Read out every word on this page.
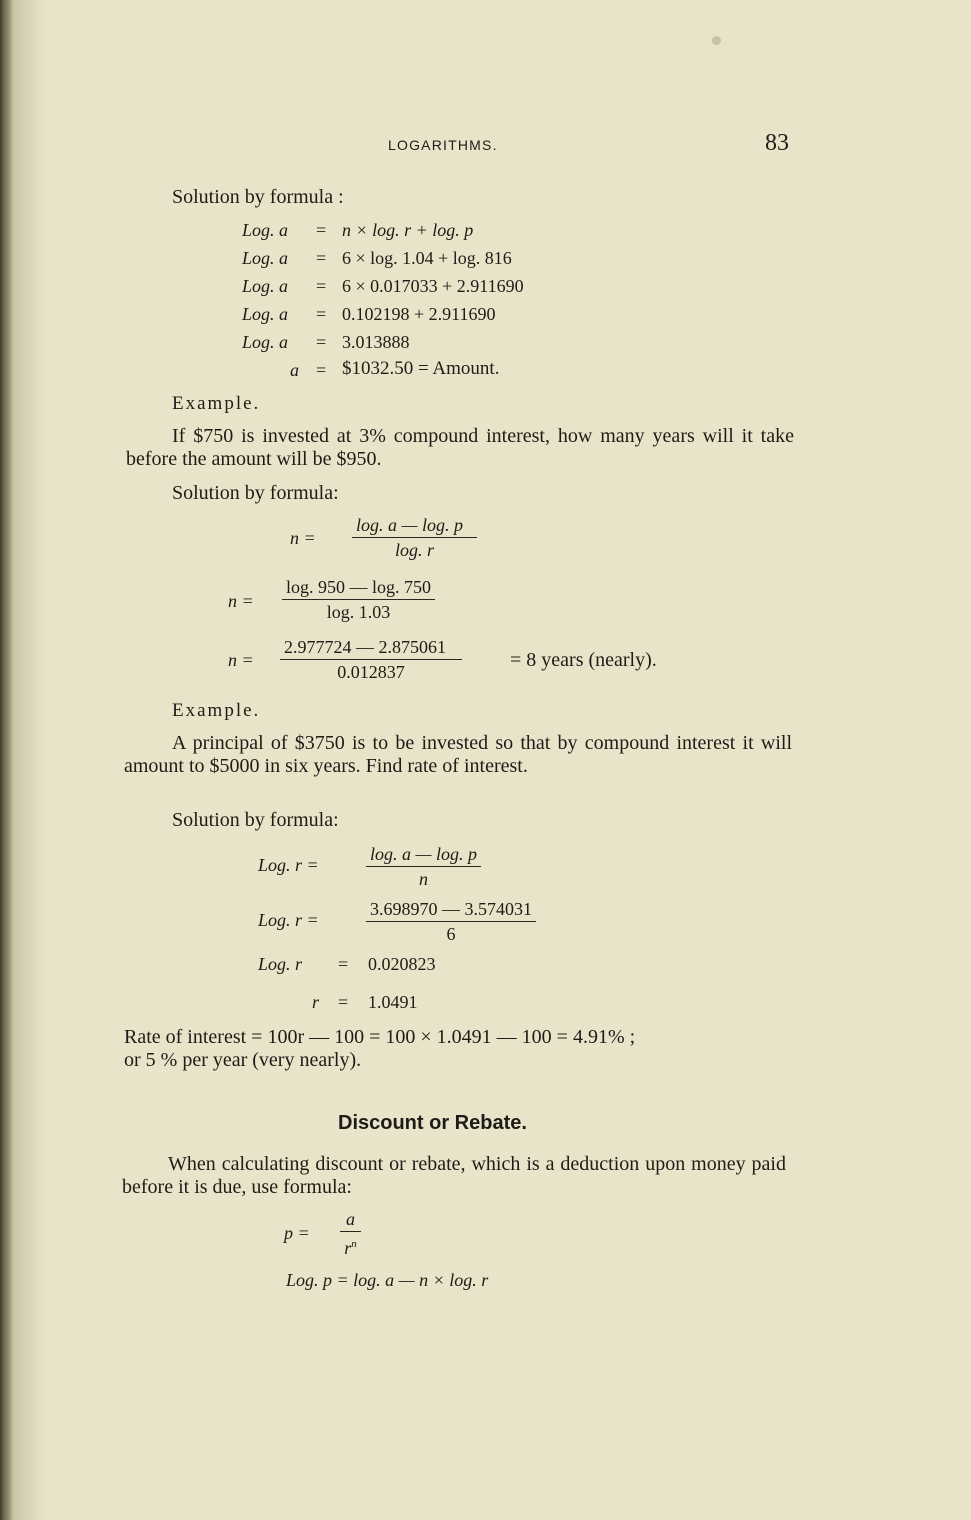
LOGARITHMS.	83
Solution by formula :
Log. a = n × log. r + log. p
Log. a = 6 × log. 1.04 + log. 816
Log. a = 6 × 0.017033 + 2.911690
Log. a = 0.102198 + 2.911690
Log. a = 3.013888
a = $1032.50 = Amount.
Example.
If $750 is invested at 3% compound interest, how many years will it take before the amount will be $950.
Solution by formula:
$n = \frac{\log. a — \log. p}{\log. r}$
$n = \frac{\log. 950 — \log. 750}{\log. 1.03}$
$n = \frac{2.977724 — 2.875061}{0.012837} = 8$ years (nearly).
Example.
A principal of $3750 is to be invested so that by compound interest it will amount to $5000 in six years. Find rate of interest.
Solution by formula:
Log. r =	$\frac{\log. a — \log. p}{n}$
Log. r =	$\frac{3.698970 — 3.574031}{6}$
Log. r = 0.020823
r = 1.0491
Rate of interest = 100r — 100 = 100 × 1.0491 — 100 = 4.91% ;
or 5 % per year (very nearly).
Discount or Rebate.
When calculating discount or rebate, which is a deduction upon money paid before it is due, use formula:
$p = \frac{a}{r^n}$
Log. p = log. a — n × log. r
